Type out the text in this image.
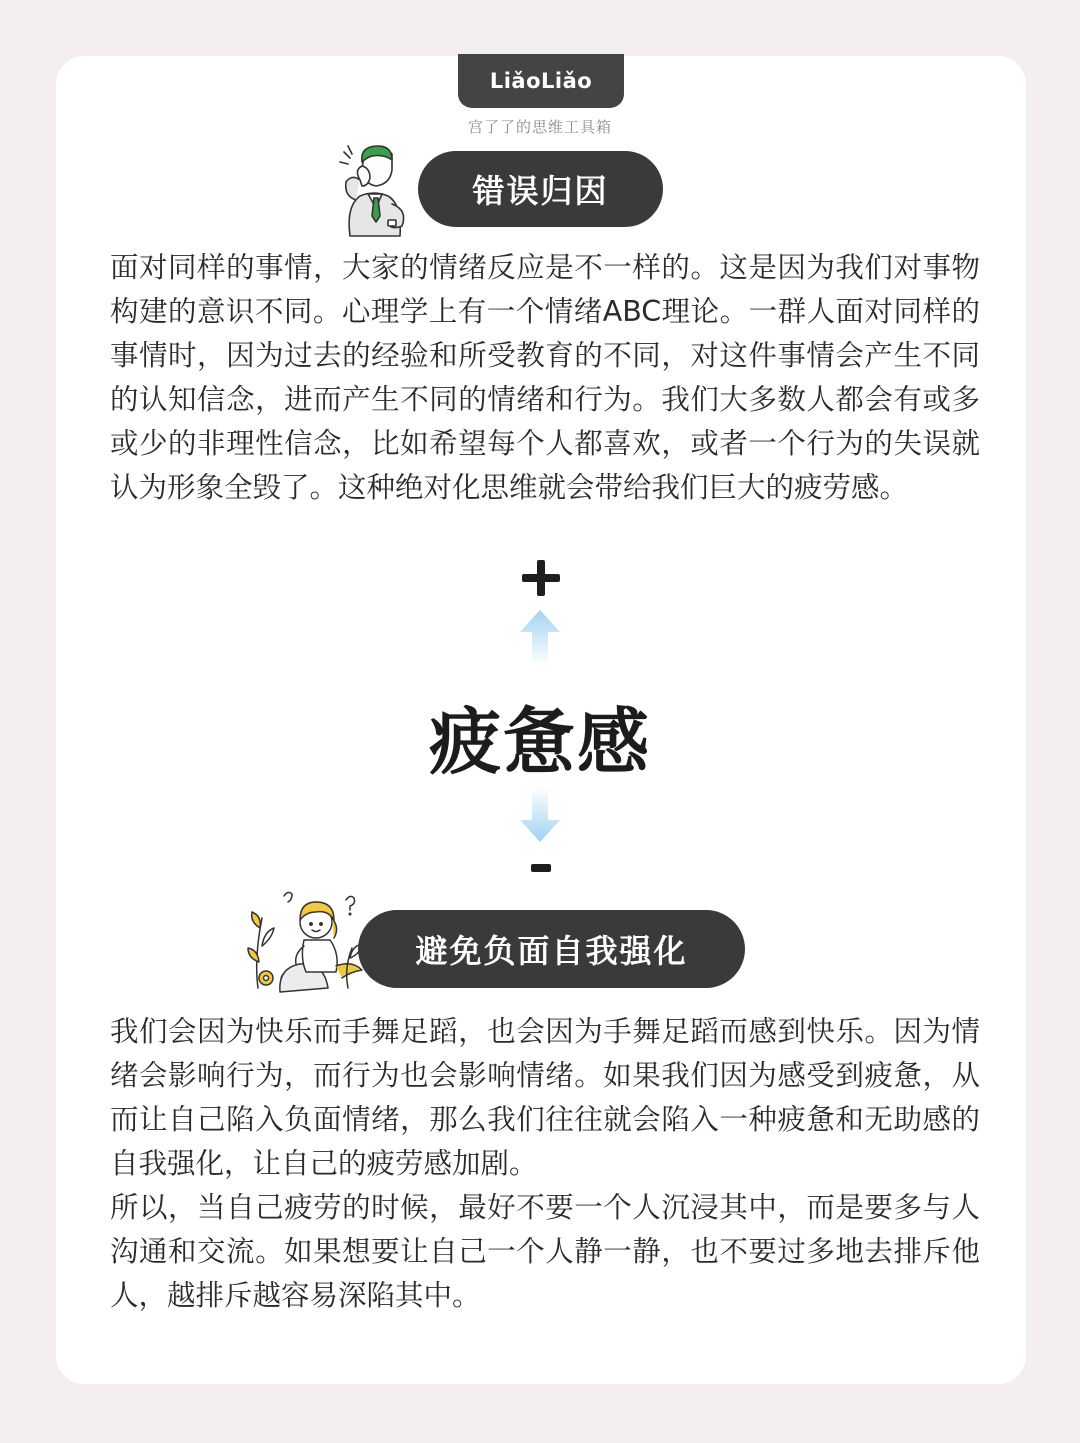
LiǎoLiǎo
宫了了的思维工具箱
错误归因

面对同样的事情，大家的情绪反应是不一样的。这是因为我们对事物构建的意识不同。心理学上有一个情绪ABC理论。一群人面对同样的事情时，因为过去的经验和所受教育的不同，对这件事情会产生不同的认知信念，进而产生不同的情绪和行为。我们大多数人都会有或多或少的非理性信念，比如希望每个人都喜欢，或者一个行为的失误就认为形象全毁了。这种绝对化思维就会带给我们巨大的疲劳感。

疲惫感
避免负面自我强化

我们会因为快乐而手舞足蹈，也会因为手舞足蹈而感到快乐。因为情绪会影响行为，而行为也会影响情绪。如果我们因为感受到疲惫，从而让自己陷入负面情绪，那么我们往往就会陷入一种疲惫和无助感的自我强化，让自己的疲劳感加剧。

所以，当自己疲劳的时候，最好不要一个人沉浸其中，而是要多与人沟通和交流。如果想要让自己一个人静一静，也不要过多地去排斥他人，越排斥越容易深陷其中。
